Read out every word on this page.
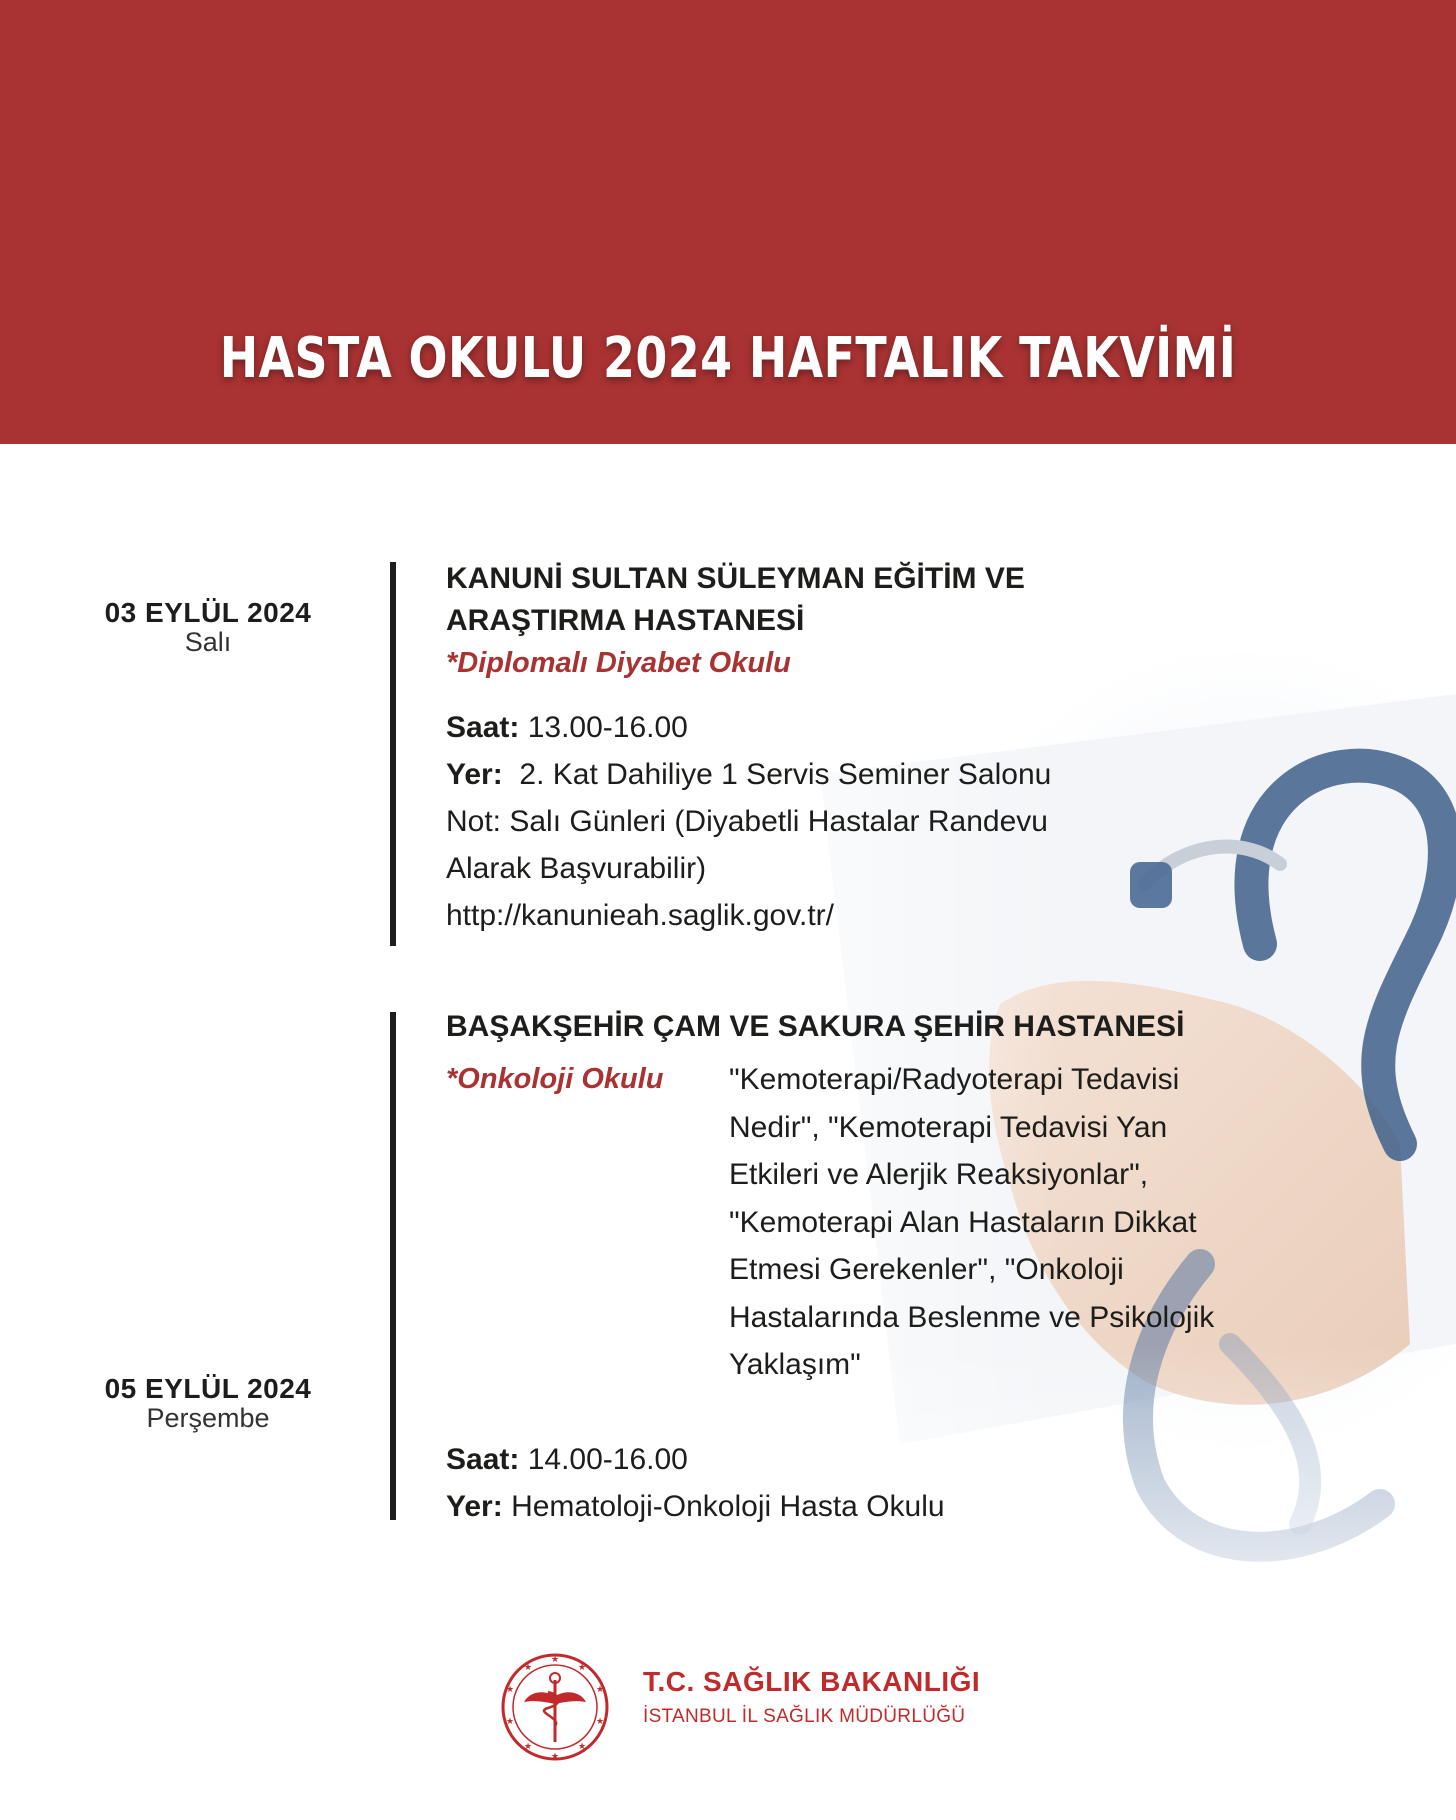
HASTA OKULU 2024 HAFTALIK TAKVİMİ
03 EYLÜL 2024
Salı
KANUNİ SULTAN SÜLEYMAN EĞİTİM VE
ARAŞTIRMA HASTANESİ
*Diplomalı Diyabet Okulu
Saat: 13.00-16.00
Yer: 2. Kat Dahiliye 1 Servis Seminer Salonu
Not: Salı Günleri (Diyabetli Hastalar Randevu
Alarak Başvurabilir)
http://kanunieah.saglik.gov.tr/
05 EYLÜL 2024
Perşembe
BAŞAKŞEHİR ÇAM VE SAKURA ŞEHİR HASTANESİ
*Onkoloji Okulu	"Kemoterapi/Radyoterapi Tedavisi
Nedir", "Kemoterapi Tedavisi Yan
Etkileri ve Alerjik Reaksiyonlar",
"Kemoterapi Alan Hastaların Dikkat
Etmesi Gerekenler", "Onkoloji
Hastalarında Beslenme ve Psikolojik
Yaklaşım"
Saat: 14.00-16.00
Yer: Hematoloji-Onkoloji Hasta Okulu
★
★
★
★
★
★
★
★
★
★	T.C. SAĞLIK BAKANLIĞI
İSTANBUL İL SAĞLIK MÜDÜRLÜĞÜ
